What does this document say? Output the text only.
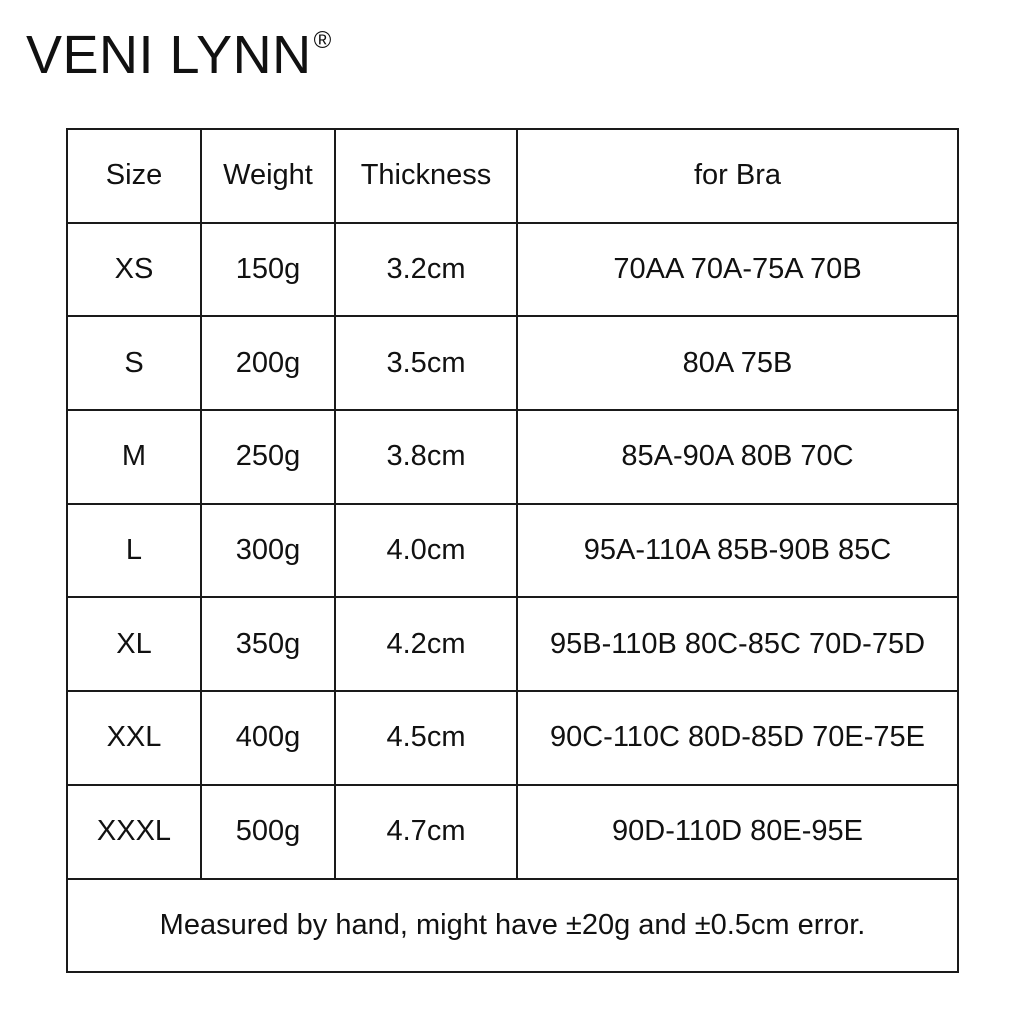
VENI LYNN®
Size	Weight	Thickness	for Bra
XS	150g	3.2cm	70AA 70A-75A 70B
S	200g	3.5cm	80A 75B
M	250g	3.8cm	85A-90A 80B 70C
L	300g	4.0cm	95A-110A 85B-90B 85C
XL	350g	4.2cm	95B-110B 80C-85C 70D-75D
XXL	400g	4.5cm	90C-110C 80D-85D 70E-75E
XXXL	500g	4.7cm	90D-110D 80E-95E
Measured by hand, might have ±20g and ±0.5cm error.			
